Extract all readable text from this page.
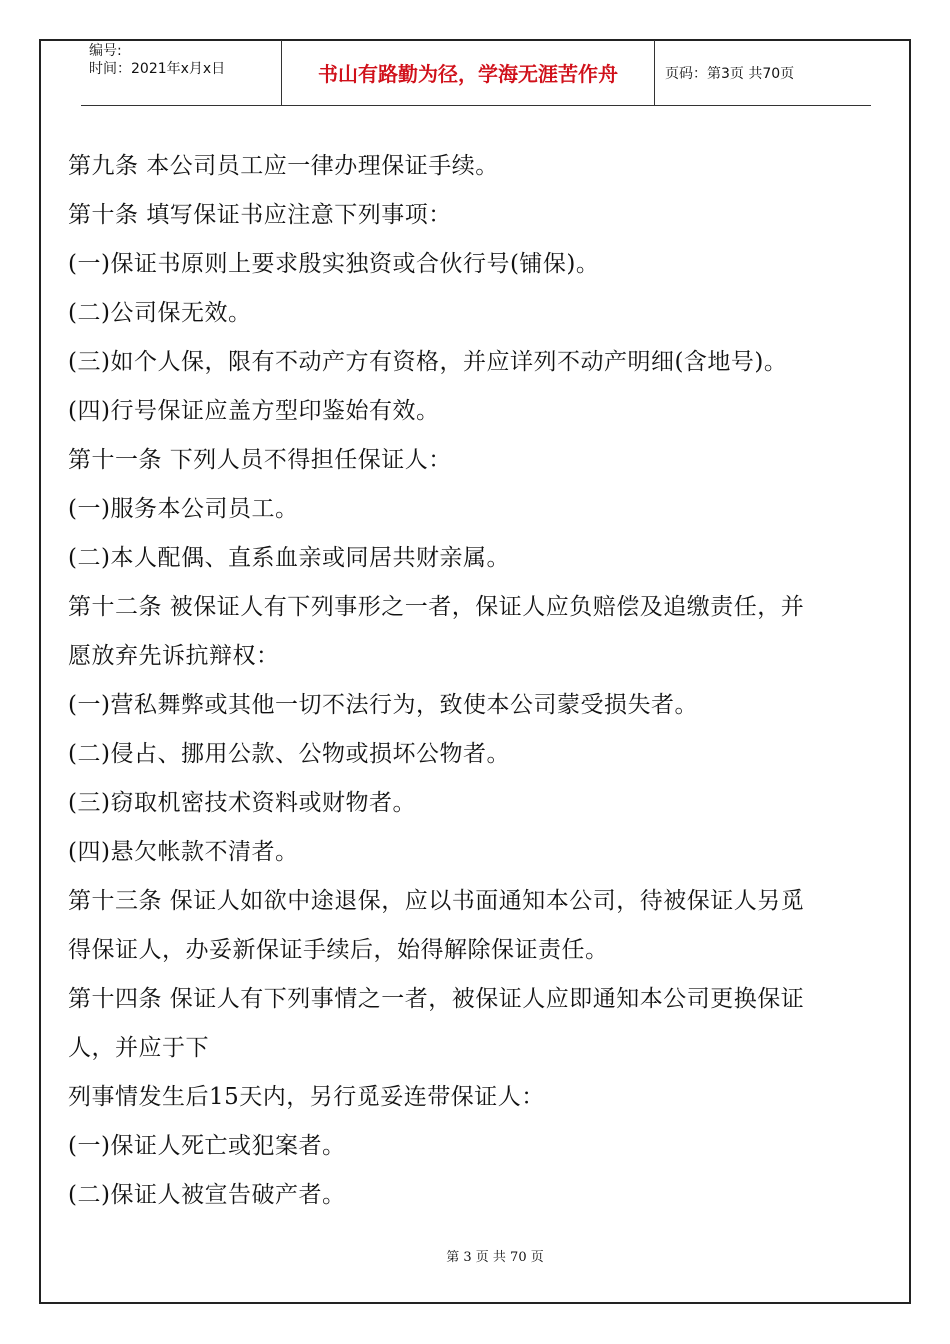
编号:
时间：2021年x月x日	书山有路勤为径，学海无涯苦作舟	页码：第3页 共70页

第九条 本公司员工应一律办理保证手续。

第十条 填写保证书应注意下列事项：

(一)保证书原则上要求殷实独资或合伙行号(铺保)。

(二)公司保无效。

(三)如个人保，限有不动产方有资格，并应详列不动产明细(含地号)。

(四)行号保证应盖方型印鉴始有效。

第十一条 下列人员不得担任保证人：

(一)服务本公司员工。

(二)本人配偶、直系血亲或同居共财亲属。

第十二条 被保证人有下列事形之一者，保证人应负赔偿及追缴责任，并

愿放弃先诉抗辩权：

(一)营私舞弊或其他一切不法行为，致使本公司蒙受损失者。

(二)侵占、挪用公款、公物或损坏公物者。

(三)窃取机密技术资料或财物者。

(四)悬欠帐款不清者。

第十三条 保证人如欲中途退保，应以书面通知本公司，待被保证人另觅

得保证人，办妥新保证手续后，始得解除保证责任。

第十四条 保证人有下列事情之一者，被保证人应即通知本公司更换保证

人，并应于下

列事情发生后15天内，另行觅妥连带保证人：

(一)保证人死亡或犯案者。

(二)保证人被宣告破产者。

第 3 页 共 70 页
